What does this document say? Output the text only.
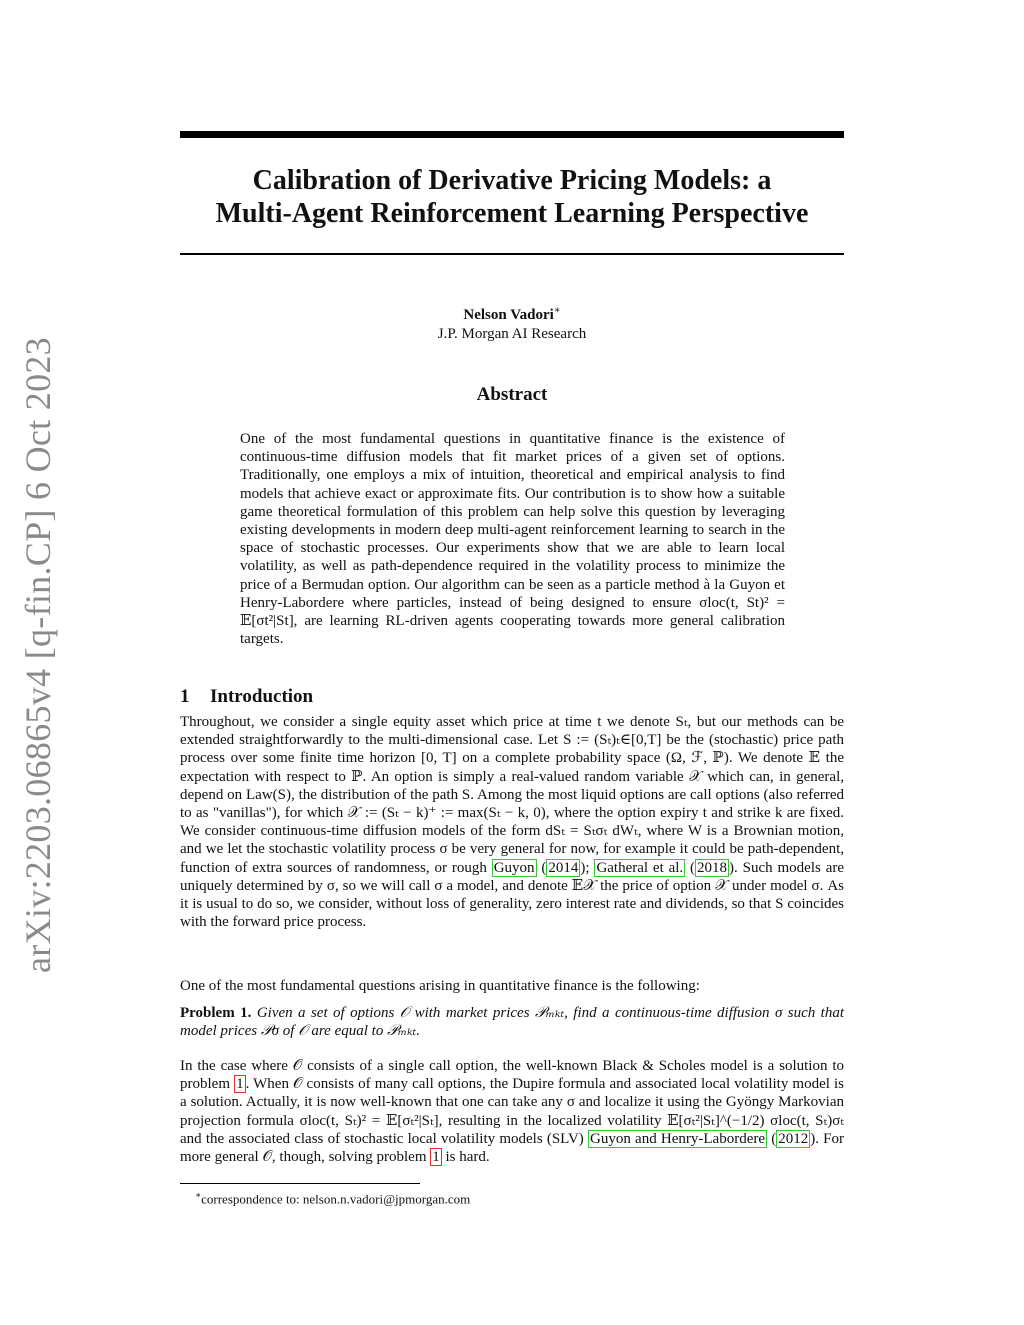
arXiv:2203.06865v4 [q-fin.CP] 6 Oct 2023
Calibration of Derivative Pricing Models: a
Multi-Agent Reinforcement Learning Perspective
Nelson Vadori∗
J.P. Morgan AI Research
Abstract

One of the most fundamental questions in quantitative finance is the existence of continuous-time diffusion models that fit market prices of a given set of options. Traditionally, one employs a mix of intuition, theoretical and empirical analysis to find models that achieve exact or approximate fits. Our contribution is to show how a suitable game theoretical formulation of this problem can help solve this question by leveraging existing developments in modern deep multi-agent reinforcement learning to search in the space of stochastic processes. Our experiments show that we are able to learn local volatility, as well as path-dependence required in the volatility process to minimize the price of a Bermudan option. Our algorithm can be seen as a particle method à la Guyon et Henry-Labordere where particles, instead of being designed to ensure σloc(t, St)² = 𝔼[σt²|St], are learning RL-driven agents cooperating towards more general calibration targets.

1 Introduction

Throughout, we consider a single equity asset which price at time t we denote Sₜ, but our methods can be extended straightforwardly to the multi-dimensional case. Let S := (Sₜ)ₜ∈[0,T] be the (stochastic) price path process over some finite time horizon [0, T] on a complete probability space (Ω, ℱ, ℙ). We denote 𝔼 the expectation with respect to ℙ. An option is simply a real-valued random variable 𝒳 which can, in general, depend on Law(S), the distribution of the path S. Among the most liquid options are call options (also referred to as "vanillas"), for which 𝒳 := (Sₜ − k)⁺ := max(Sₜ − k, 0), where the option expiry t and strike k are fixed. We consider continuous-time diffusion models of the form dSₜ = Sₜσₜ dWₜ, where W is a Brownian motion, and we let the stochastic volatility process σ be very general for now, for example it could be path-dependent, function of extra sources of randomness, or rough Guyon ( 2014 ); Gatheral et al. ( 2018 ). Such models are uniquely determined by σ, so we will call σ a model, and denote 𝔼𝒳 the price of option 𝒳 under model σ. As it is usual to do so, we consider, without loss of generality, zero interest rate and dividends, so that S coincides with the forward price process.

One of the most fundamental questions arising in quantitative finance is the following:

Problem 1. Given a set of options 𝒪 with market prices 𝒫ₘₖₜ, find a continuous-time diffusion σ such that model prices 𝒫σ of 𝒪 are equal to 𝒫ₘₖₜ.

In the case where 𝒪 consists of a single call option, the well-known Black & Scholes model is a solution to problem 1 . When 𝒪 consists of many call options, the Dupire formula and associated local volatility model is a solution. Actually, it is now well-known that one can take any σ and localize it using the Gyöngy Markovian projection formula σloc(t, Sₜ)² = 𝔼[σₜ²|Sₜ], resulting in the localized volatility 𝔼[σₜ²|Sₜ]^(−1/2) σloc(t, Sₜ)σₜ and the associated class of stochastic local volatility models (SLV) Guyon and Henry-Labordere ( 2012 ). For more general 𝒪, though, solving problem 1 is hard.

∗correspondence to: nelson.n.vadori@jpmorgan.com
